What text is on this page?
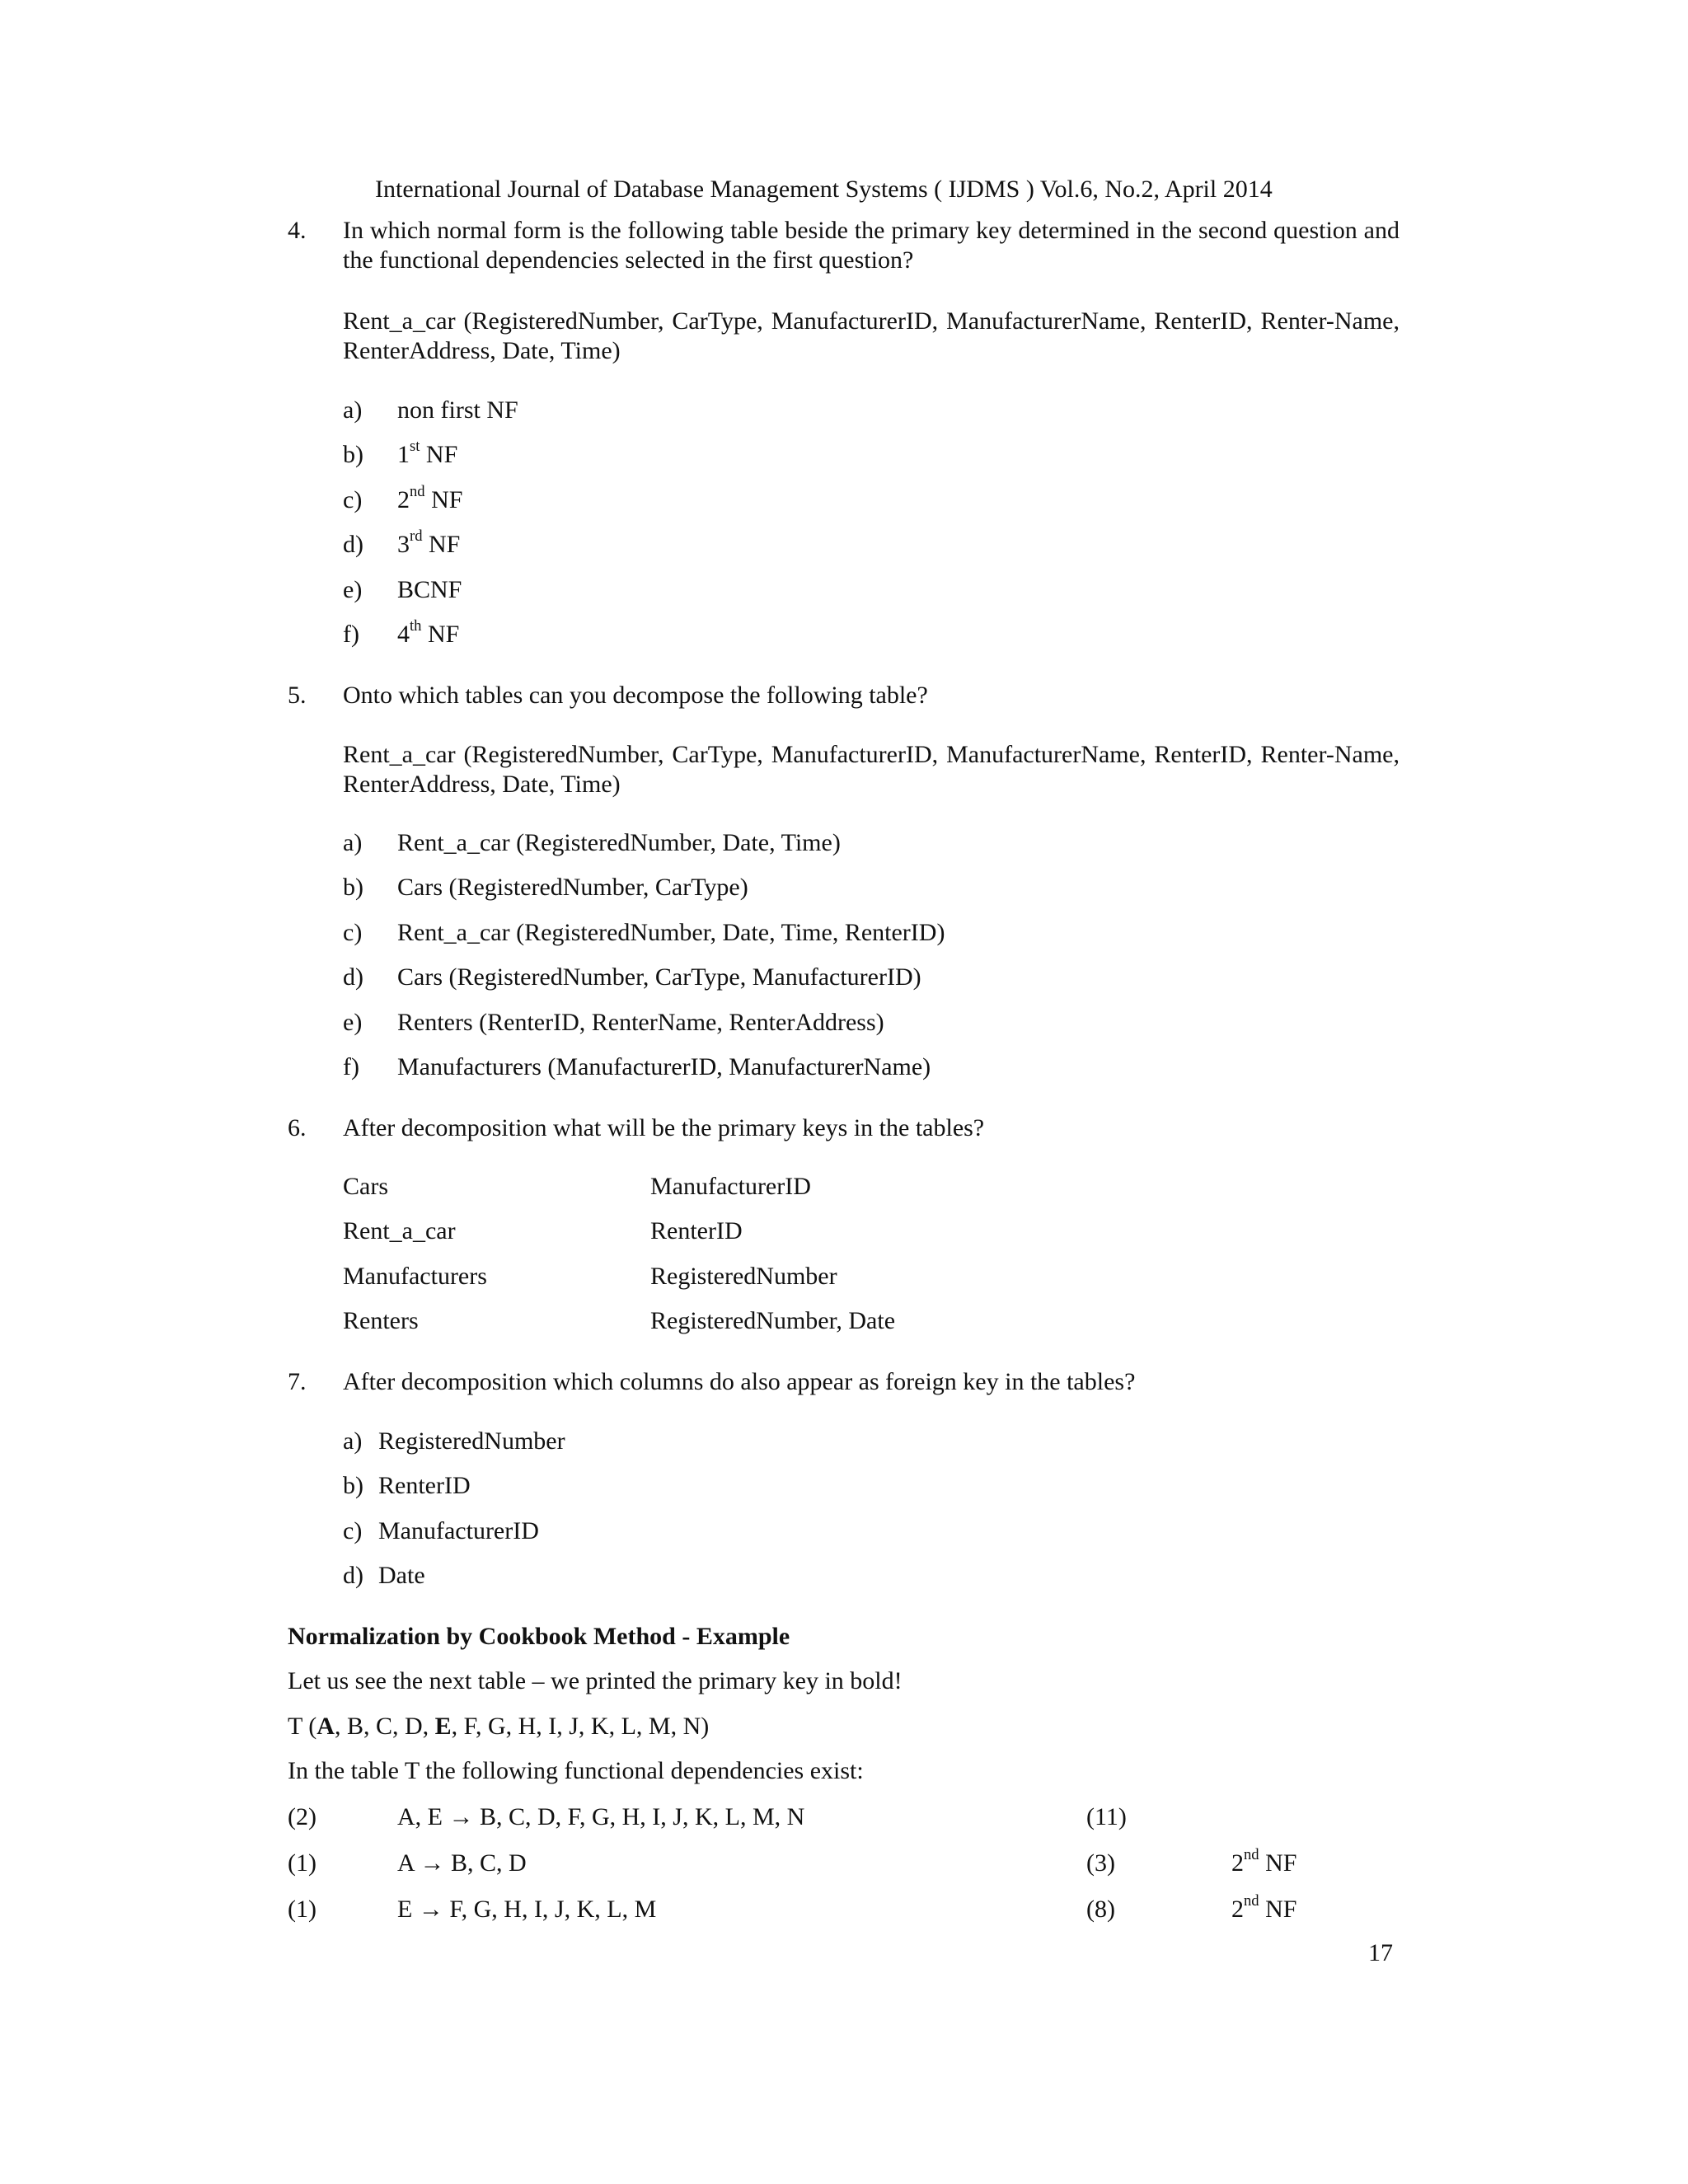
International Journal of Database Management Systems ( IJDMS ) Vol.6, No.2, April 2014
4. In which normal form is the following table beside the primary key determined in the second question and the functional dependencies selected in the first question?
Rent_a_car (RegisteredNumber, CarType, ManufacturerID, ManufacturerName, RenterID, Renter-Name, RenterAddress, Date, Time)
a) non first NF
b) 1st NF
c) 2nd NF
d) 3rd NF
e) BCNF
f) 4th NF
5. Onto which tables can you decompose the following table?
Rent_a_car (RegisteredNumber, CarType, ManufacturerID, ManufacturerName, RenterID, Renter-Name, RenterAddress, Date, Time)
a) Rent_a_car (RegisteredNumber, Date, Time)
b) Cars (RegisteredNumber, CarType)
c) Rent_a_car (RegisteredNumber, Date, Time, RenterID)
d) Cars (RegisteredNumber, CarType, ManufacturerID)
e) Renters (RenterID, RenterName, RenterAddress)
f) Manufacturers (ManufacturerID, ManufacturerName)
6. After decomposition what will be the primary keys in the tables?
Cars	ManufacturerID
Rent_a_car	RenterID
Manufacturers	RegisteredNumber
Renters	RegisteredNumber, Date
7. After decomposition which columns do also appear as foreign key in the tables?
a) RegisteredNumber
b) RenterID
c) ManufacturerID
d) Date
Normalization by Cookbook Method - Example
Let us see the next table – we printed the primary key in bold!
T (A, B, C, D, E, F, G, H, I, J, K, L, M, N)
In the table T the following functional dependencies exist:
(2)	A, E → B, C, D, F, G, H, I, J, K, L, M, N	(11)
(1)	A → B, C, D	(3)	2nd NF
(1)	E → F, G, H, I, J, K, L, M	(8)	2nd NF
17
